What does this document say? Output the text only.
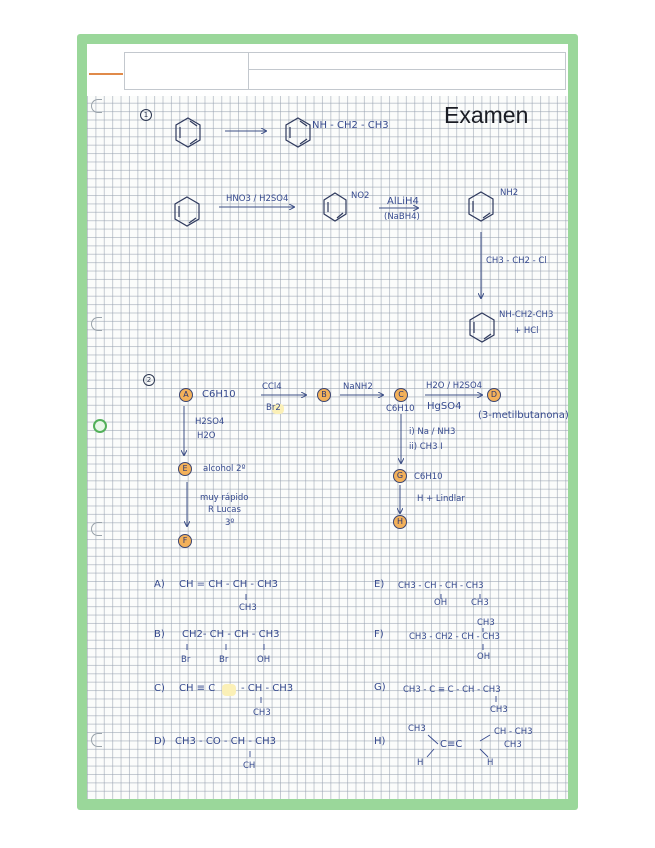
Examen
1
NH - CH2 - CH3
HNO3 / H2SO4	NO2 AlLiH4
(NaBH4)
NH2
CH3 - CH2 - Cl
NH-CH2-CH3
+ HCl
2
A	C6H10
CCl4
Br2
B
NaNH2
C
C6H10
H2O / H2SO4
HgSO4
D
(3-metilbutanona)
H2SO4
H2O
E	alcohol 2º
muy rápido
R Lucas
3º
F
i) Na / NH3
ii) CH3 I
G	C6H10
H + Lindlar
H
A) CH = CH - CH - CH3
CH3
B) CH2- CH - CH - CH3
Br	Br	OH
C) CH ≡ C	- CH - CH3
CH3
D) CH3 - CO - CH - CH3
CH
E) CH3 - CH - CH - CH3
OH	CH3
F)	CH3 - CH2 - CH - CH3
CH3
OH
G) CH3 - C ≡ C - CH - CH3
CH3
H)
CH3
C≡C
CH - CH3
CH3
H	H
